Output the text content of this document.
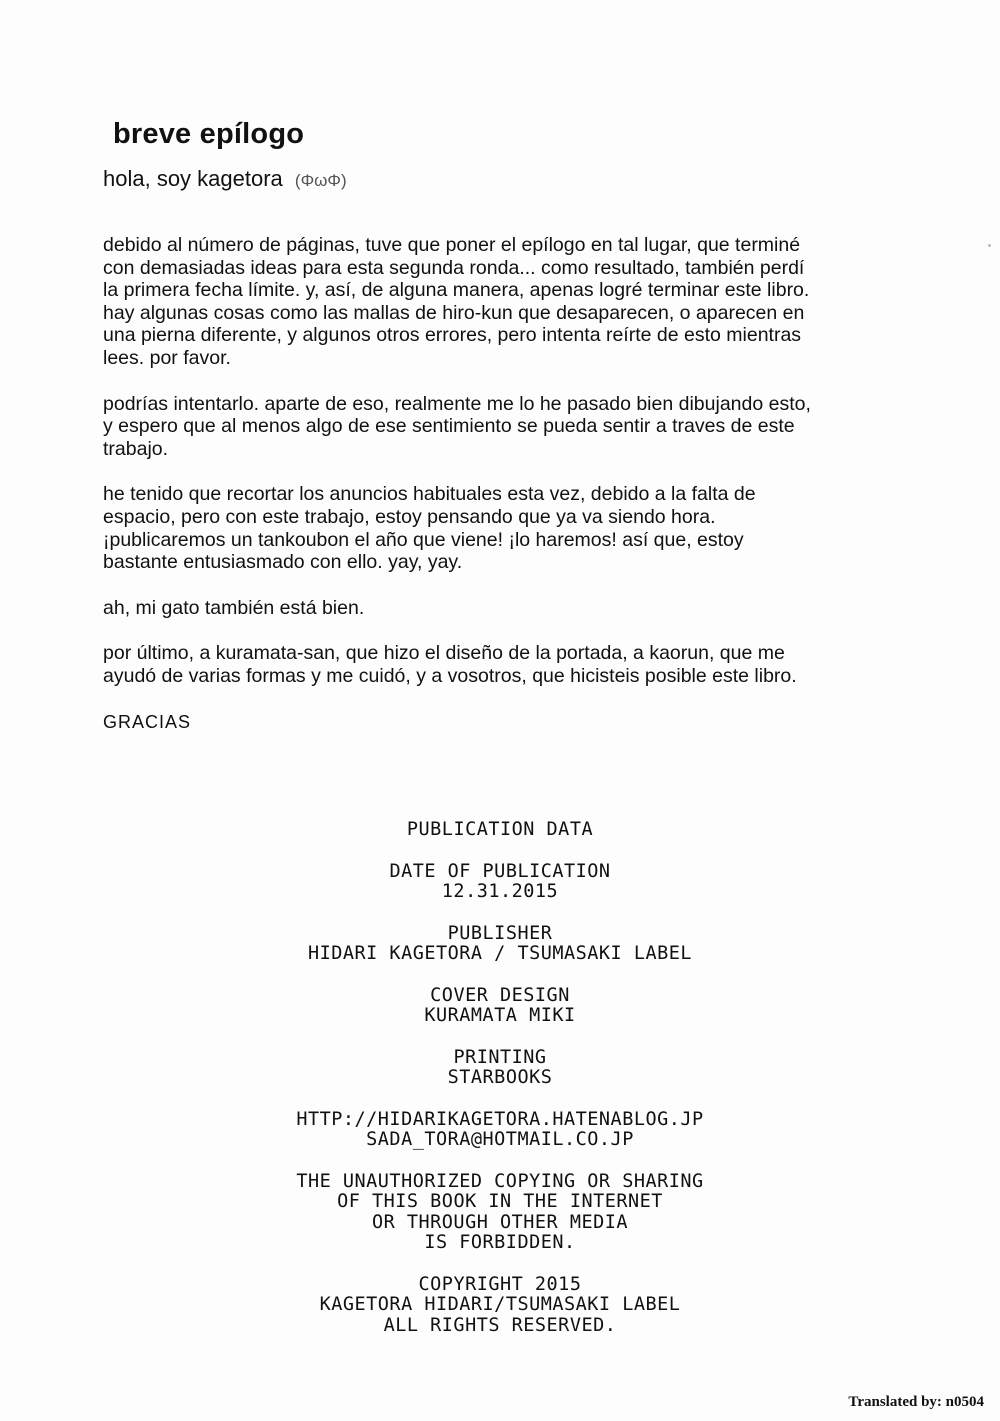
breve epílogo
hola, soy kagetora (ΦωΦ)

debido al número de páginas, tuve que poner el epílogo en tal lugar, que terminé
con demasiadas ideas para esta segunda ronda... como resultado, también perdí
la primera fecha límite. y, así, de alguna manera, apenas logré terminar este libro.
hay algunas cosas como las mallas de hiro-kun que desaparecen, o aparecen en
una pierna diferente, y algunos otros errores, pero intenta reírte de esto mientras
lees. por favor.

podrías intentarlo. aparte de eso, realmente me lo he pasado bien dibujando esto,
y espero que al menos algo de ese sentimiento se pueda sentir a traves de este
trabajo.

he tenido que recortar los anuncios habituales esta vez, debido a la falta de
espacio, pero con este trabajo, estoy pensando que ya va siendo hora.
¡publicaremos un tankoubon el año que viene! ¡lo haremos! así que, estoy
bastante entusiasmado con ello. yay, yay.

ah, mi gato también está bien.

por último, a kuramata-san, que hizo el diseño de la portada, a kaorun, que me
ayudó de varias formas y me cuidó, y a vosotros, que hicisteis posible este libro.

GRACIAS

PUBLICATION DATA
DATE OF PUBLICATION
12.31.2015
PUBLISHER
HIDARI KAGETORA / TSUMASAKI LABEL
COVER DESIGN
KURAMATA MIKI
PRINTING
STARBOOKS
HTTP://HIDARIKAGETORA.HATENABLOG.JP
SADA_TORA@HOTMAIL.CO.JP
THE UNAUTHORIZED COPYING OR SHARING
OF THIS BOOK IN THE INTERNET
OR THROUGH OTHER MEDIA
IS FORBIDDEN.
COPYRIGHT 2015
KAGETORA HIDARI/TSUMASAKI LABEL
ALL RIGHTS RESERVED.
Translated by: n0504
